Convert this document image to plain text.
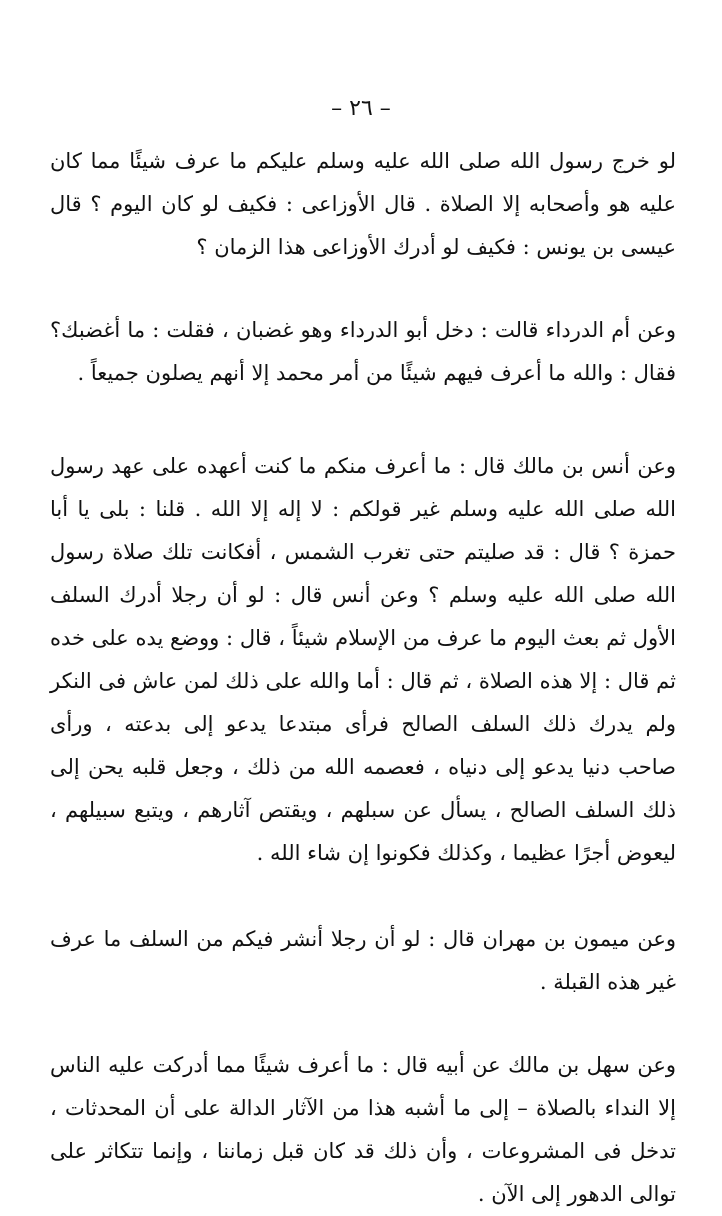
– ٢٦ –

لو خرج رسول الله صلى الله عليه وسلم عليكم ما عرف شيئًا مما كان عليه هو وأصحابه إلا الصلاة . قال الأوزاعى : فكيف لو كان اليوم ؟ قال عيسى بن يونس : فكيف لو أدرك الأوزاعى هذا الزمان ؟

وعن أم الدرداء قالت : دخل أبو الدرداء وهو غضبان ، فقلت : ما أغضبك؟ فقال : والله ما أعرف فيهم شيئًا من أمر محمد إلا أنهم يصلون جميعاً .

وعن أنس بن مالك قال : ما أعرف منكم ما كنت أعهده على عهد رسول الله صلى الله عليه وسلم غير قولكم : لا إله إلا الله . قلنا : بلى يا أبا حمزة ؟ قال : قد صليتم حتى تغرب الشمس ، أفكانت تلك صلاة رسول الله صلى الله عليه وسلم ؟ وعن أنس قال : لو أن رجلا أدرك السلف الأول ثم بعث اليوم ما عرف من الإسلام شيئاً ، قال : ووضع يده على خده ثم قال : إلا هذه الصلاة ، ثم قال : أما والله على ذلك لمن عاش فى النكر ولم يدرك ذلك السلف الصالح فرأى مبتدعا يدعو إلى بدعته ، ورأى صاحب دنيا يدعو إلى دنياه ، فعصمه الله من ذلك ، وجعل قلبه يحن إلى ذلك السلف الصالح ، يسأل عن سبلهم ، ويقتص آثارهم ، ويتبع سبيلهم ، ليعوض أجرًا عظيما ، وكذلك فكونوا إن شاء الله .

وعن ميمون بن مهران قال : لو أن رجلا أنشر فيكم من السلف ما عرف غير هذه القبلة .

وعن سهل بن مالك عن أبيه قال : ما أعرف شيئًا مما أدركت عليه الناس إلا النداء بالصلاة – إلى ما أشبه هذا من الآثار الدالة على أن المحدثات ، تدخل فى المشروعات ، وأن ذلك قد كان قبل زماننا ، وإنما تتكاثر على توالى الدهور إلى الآن .
